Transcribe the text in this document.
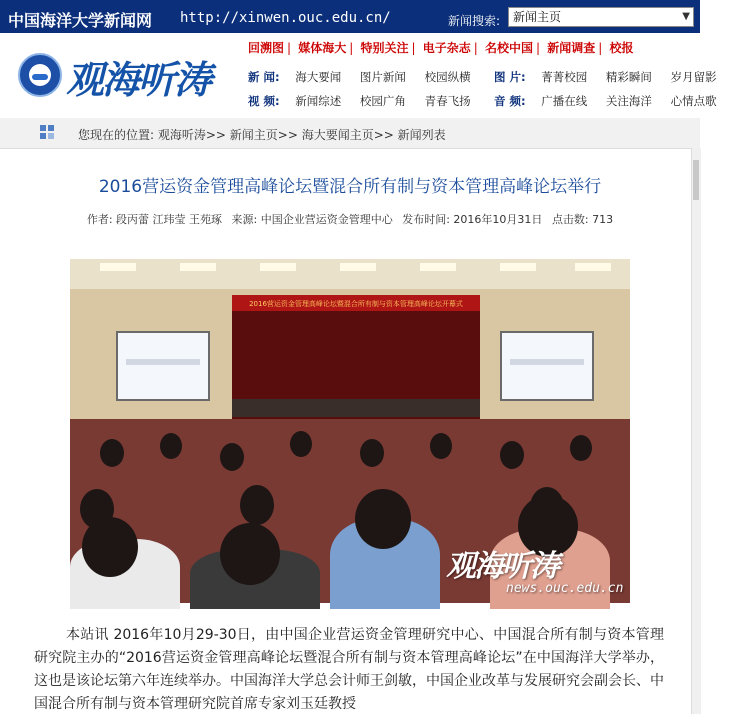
中国海洋大学新闻网 http://xinwen.ouc.edu.cn/	新闻搜索:	新闻主页	▼
观海听涛
回溯图 | 媒体海大 | 特别关注 | 电子杂志 | 名校中国 | 新闻调查 | 校报
新 闻: 海大要闻 图片新闻 校园纵横	图 片: 菁菁校园 精彩瞬间 岁月留影
视 频: 新闻综述 校园广角 青春飞扬	音 频: 广播在线 关注海洋 心情点歌
您现在的位置: 观海听涛>> 新闻主页>> 海大要闻主页>> 新闻列表
2016营运资金管理高峰论坛暨混合所有制与资本管理高峰论坛举行
作者: 段丙蕾 江玮莹 王苑琢 来源: 中国企业营运资金管理中心 发布时间: 2016年10月31日 点击数: 713
2016营运资金管理高峰论坛暨混合所有制与资本管理高峰论坛开幕式
观海听涛
news.ouc.edu.cn
本站讯 2016年10月29-30日，由中国企业营运资金管理研究中心、中国混合所有制与资本管理研究院主办的“2016营运资金管理高峰论坛暨混合所有制与资本管理高峰论坛”在中国海洋大学举办，这也是该论坛第六年连续举办。中国海洋大学总会计师王剑敏，中国企业改革与发展研究会副会长、中国混合所有制与资本管理研究院首席专家刘玉廷教授
